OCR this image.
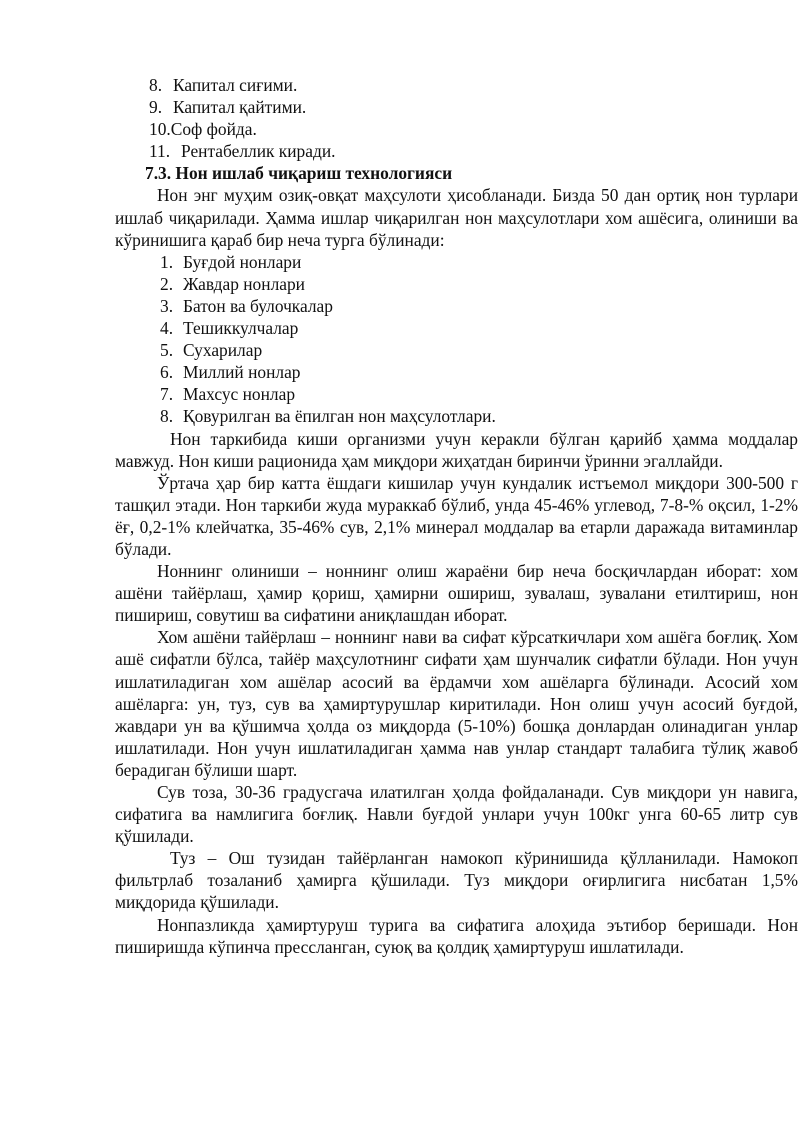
8. Капитал сиғими.
9. Капитал қайтими.
10.Соф фойда.
11. Рентабеллик киради.

7.3. Нон ишлаб чиқариш технологияси

Нон энг муҳим озиқ-овқат маҳсулоти ҳисобланади. Бизда 50 дан ортиқ нон турлари ишлаб чиқарилади. Ҳамма ишлар чиқарилган нон маҳсулотлари хом ашёсига, олиниши ва кўринишига қараб бир неча турга бўлинади:

1. Буғдой нонлари
2. Жавдар нонлари
3. Батон ва булочкалар
4. Тешиккулчалар
5. Сухарилар
6. Миллий нонлар
7. Махсус нонлар
8. Қовурилган ва ёпилган нон маҳсулотлари.

Нон таркибида киши организми учун керакли бўлган қарийб ҳамма моддалар мавжуд. Нон киши рационида ҳам миқдори жиҳатдан биринчи ўринни эгаллайди.

Ўртача ҳар бир катта ёшдаги кишилар учун кундалик истъемол миқдори 300-500 г ташқил этади. Нон таркиби жуда мураккаб бўлиб, унда 45-46% углевод, 7-8-% оқсил, 1-2% ёғ, 0,2-1% клейчатка, 35-46% сув, 2,1% минерал моддалар ва етарли даражада витаминлар бўлади.

Ноннинг олиниши – ноннинг олиш жараёни бир неча босқичлардан иборат: хом ашёни тайёрлаш, ҳамир қориш, ҳамирни ошириш, зувалаш, зувалани етилтириш, нон пишириш, совутиш ва сифатини аниқлашдан иборат.

Хом ашёни тайёрлаш – ноннинг нави ва сифат кўрсаткичлари хом ашёга боғлиқ. Хом ашё сифатли бўлса, тайёр маҳсулотнинг сифати ҳам шунчалик сифатли бўлади. Нон учун ишлатиладиган хом ашёлар асосий ва ёрдамчи хом ашёларга бўлинади. Асосий хом ашёларга: ун, туз, сув ва ҳамиртурушлар киритилади. Нон олиш учун асосий буғдой, жавдари ун ва қўшимча ҳолда оз миқдорда (5-10%) бошқа донлардан олинадиган унлар ишлатилади. Нон учун ишлатиладиган ҳамма нав унлар стандарт талабига тўлиқ жавоб берадиган бўлиши шарт.

Сув тоза, 30-36 градусгача илатилган ҳолда фойдаланади. Сув миқдори ун навига, сифатига ва намлигига боғлиқ. Навли буғдой унлари учун 100кг унга 60-65 литр сув қўшилади.

Туз – Ош тузидан тайёрланган намокоп кўринишида қўлланилади. Намокоп фильтрлаб тозаланиб ҳамирга қўшилади. Туз миқдори оғирлигига нисбатан 1,5% миқдорида қўшилади.

Нонпазликда ҳамиртуруш турига ва сифатига алоҳида эътибор беришади. Нон пиширишда кўпинча прессланган, суюқ ва қолдиқ ҳамиртуруш ишлатилади.
